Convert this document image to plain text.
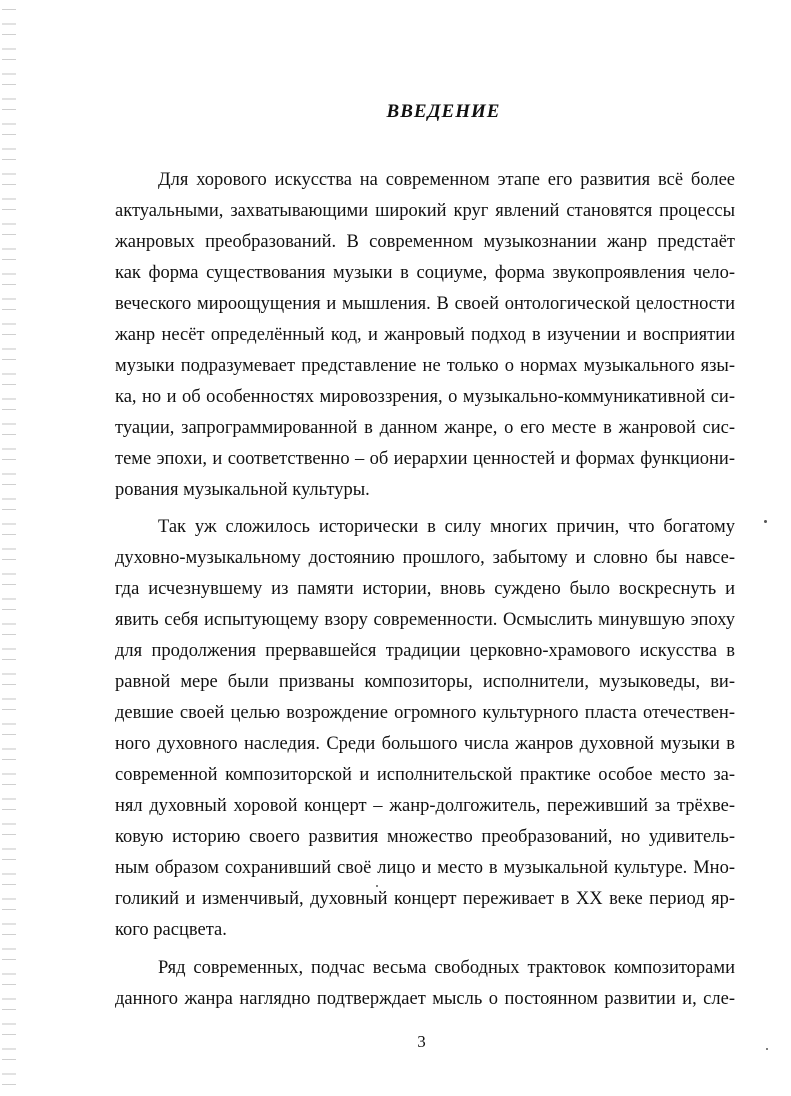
ВВЕДЕНИЕ
Для хорового искусства на современном этапе его развития всё более
актуальными, захватывающими широкий круг явлений становятся процессы
жанровых преобразований. В современном музыкознании жанр предстаёт
как форма существования музыки в социуме, форма звукопроявления чело-
веческого мироощущения и мышления. В своей онтологической целостности
жанр несёт определённый код, и жанровый подход в изучении и восприятии
музыки подразумевает представление не только о нормах музыкального язы-
ка, но и об особенностях мировоззрения, о музыкально-коммуникативной си-
туации, запрограммированной в данном жанре, о его месте в жанровой сис-
теме эпохи, и соответственно – об иерархии ценностей и формах функциони-
рования музыкальной культуры.
Так уж сложилось исторически в силу многих причин, что богатому
духовно-музыкальному достоянию прошлого, забытому и словно бы навсе-
гда исчезнувшему из памяти истории, вновь суждено было воскреснуть и
явить себя испытующему взору современности. Осмыслить минувшую эпоху
для продолжения прервавшейся традиции церковно-храмового искусства в
равной мере были призваны композиторы, исполнители, музыковеды, ви-
девшие своей целью возрождение огромного культурного пласта отечествен-
ного духовного наследия. Среди большого числа жанров духовной музыки в
современной композиторской и исполнительской практике особое место за-
нял духовный хоровой концерт – жанр-долгожитель, переживший за трёхве-
ковую историю своего развития множество преобразований, но удивитель-
ным образом сохранивший своё лицо и место в музыкальной культуре. Мно-
голикий и изменчивый, духовный концерт переживает в XX веке период яр-
кого расцвета.
Ряд современных, подчас весьма свободных трактовок композиторами
данного жанра наглядно подтверждает мысль о постоянном развитии и, сле-
3
